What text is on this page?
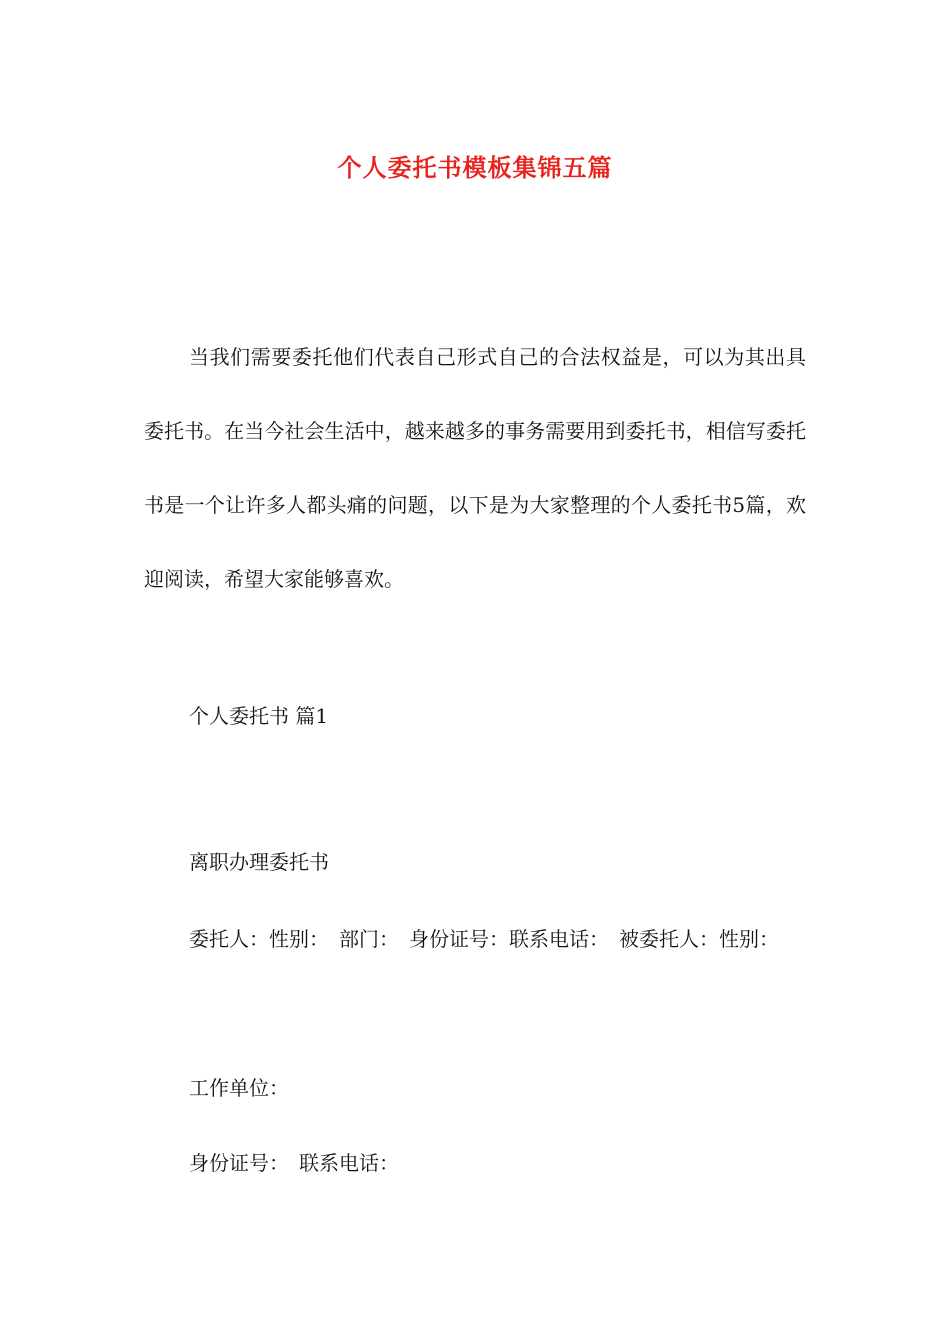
个人委托书模板集锦五篇

当我们需要委托他们代表自己形式自己的合法权益是，可以为其出具委托书。在当今社会生活中，越来越多的事务需要用到委托书，相信写委托书是一个让许多人都头痛的问题，以下是为大家整理的个人委托书5篇，欢迎阅读，希望大家能够喜欢。

个人委托书 篇1

离职办理委托书

委托人：性别：　部门：　身份证号：联系电话：　被委托人：性别：

工作单位：

身份证号：　联系电话：
